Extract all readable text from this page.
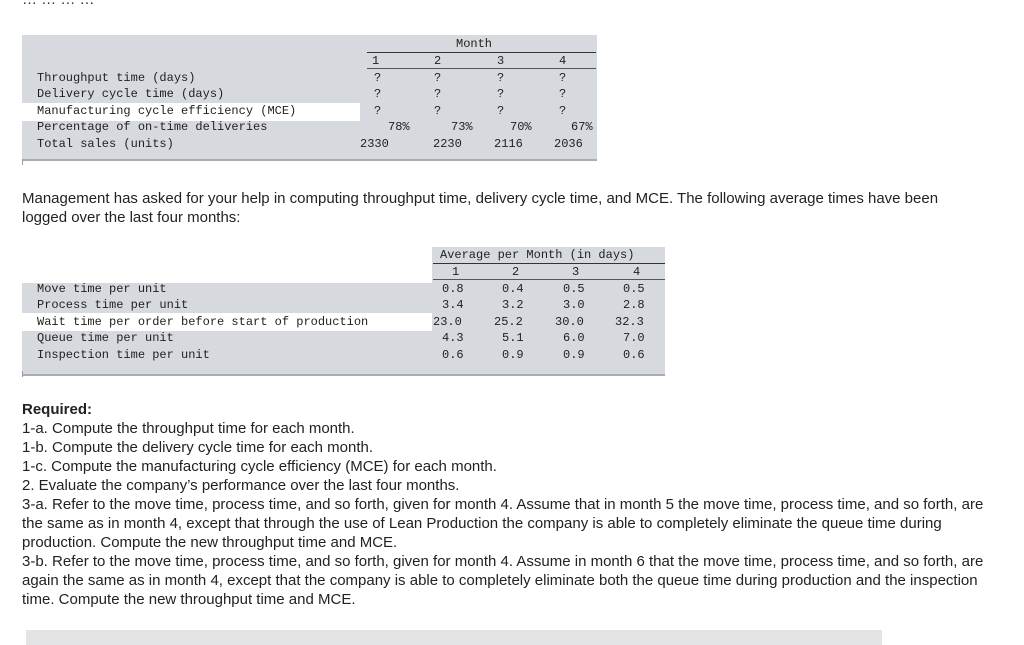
Month
1	2	3	4
Throughput time (days)	?	?	?	?
Delivery cycle time (days)	?	?	?	?
Manufacturing cycle efficiency (MCE)	?	?	?	?
Percentage of on-time deliveries	78%	73%	70%	67%
Total sales (units)	2330	2230	2116	2036
Management has asked for your help in computing throughput time, delivery cycle time, and MCE. The following average times have been logged over the last four months:
Average per Month (in days)
1	2	3	4
Move time per unit	0.8	0.4	0.5	0.5
Process time per unit	3.4	3.2	3.0	2.8
Wait time per order before start of production	23.0	25.2	30.0	32.3
Queue time per unit	4.3	5.1	6.0	7.0
Inspection time per unit	0.6	0.9	0.9	0.6

Required:

1-a. Compute the throughput time for each month.

1-b. Compute the delivery cycle time for each month.

1-c. Compute the manufacturing cycle efficiency (MCE) for each month.

2. Evaluate the company’s performance over the last four months.

3-a. Refer to the move time, process time, and so forth, given for month 4. Assume that in month 5 the move time, process time, and so forth, are the same as in month 4, except that through the use of Lean Production the company is able to completely eliminate the queue time during production. Compute the new throughput time and MCE.

3-b. Refer to the move time, process time, and so forth, given for month 4. Assume in month 6 that the move time, process time, and so forth, are again the same as in month 4, except that the company is able to completely eliminate both the queue time during production and the inspection time. Compute the new throughput time and MCE.
